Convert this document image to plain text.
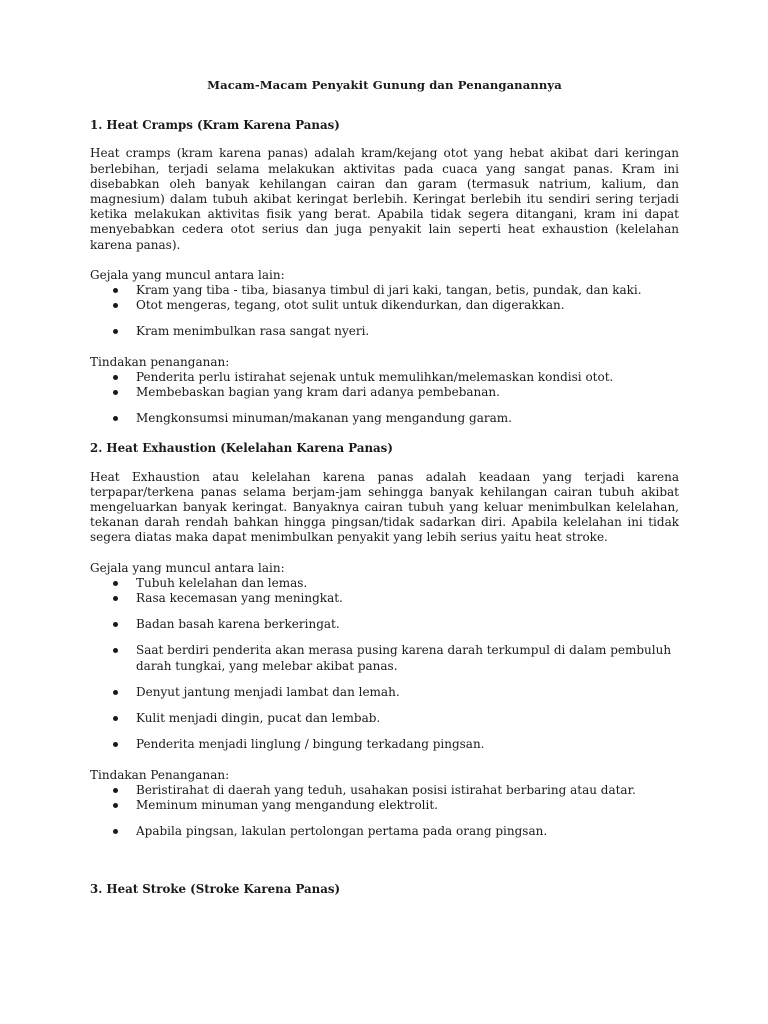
Macam-Macam Penyakit Gunung dan Penanganannya
1. Heat Cramps (Kram Karena Panas)
Heat cramps (kram karena panas) adalah kram/kejang otot yang hebat akibat dari keringan berlebihan, terjadi selama melakukan aktivitas pada cuaca yang sangat panas. Kram ini disebabkan oleh banyak kehilangan cairan dan garam (termasuk natrium, kalium, dan magnesium) dalam tubuh akibat keringat berlebih. Keringat berlebih itu sendiri sering terjadi ketika melakukan aktivitas fisik yang berat. Apabila tidak segera ditangani, kram ini dapat menyebabkan cedera otot serius dan juga penyakit lain seperti heat exhaustion (kelelahan karena panas).
Gejala yang muncul antara lain:
Kram yang tiba - tiba, biasanya timbul di jari kaki, tangan, betis, pundak, dan kaki.
Otot mengeras, tegang, otot sulit untuk dikendurkan, dan digerakkan.
Kram menimbulkan rasa sangat nyeri.
Tindakan penanganan:
Penderita perlu istirahat sejenak untuk memulihkan/melemaskan kondisi otot.
Membebaskan bagian yang kram dari adanya pembebanan.
Mengkonsumsi minuman/makanan yang mengandung garam.
2. Heat Exhaustion (Kelelahan Karena Panas)
Heat Exhaustion atau kelelahan karena panas adalah keadaan yang terjadi karena terpapar/terkena panas selama berjam-jam sehingga banyak kehilangan cairan tubuh akibat mengeluarkan banyak keringat. Banyaknya cairan tubuh yang keluar menimbulkan kelelahan, tekanan darah rendah bahkan hingga pingsan/tidak sadarkan diri. Apabila kelelahan ini tidak segera diatas maka dapat menimbulkan penyakit yang lebih serius yaitu heat stroke.
Gejala yang muncul antara lain:
Tubuh kelelahan dan lemas.
Rasa kecemasan yang meningkat.
Badan basah karena berkeringat.
Saat berdiri penderita akan merasa pusing karena darah terkumpul di dalam pembuluh darah tungkai, yang melebar akibat panas.
Denyut jantung menjadi lambat dan lemah.
Kulit menjadi dingin, pucat dan lembab.
Penderita menjadi linglung / bingung terkadang pingsan.
Tindakan Penanganan:
Beristirahat di daerah yang teduh, usahakan posisi istirahat berbaring atau datar.
Meminum minuman yang mengandung elektrolit.
Apabila pingsan, lakulan pertolongan pertama pada orang pingsan.
3. Heat Stroke (Stroke Karena Panas)
